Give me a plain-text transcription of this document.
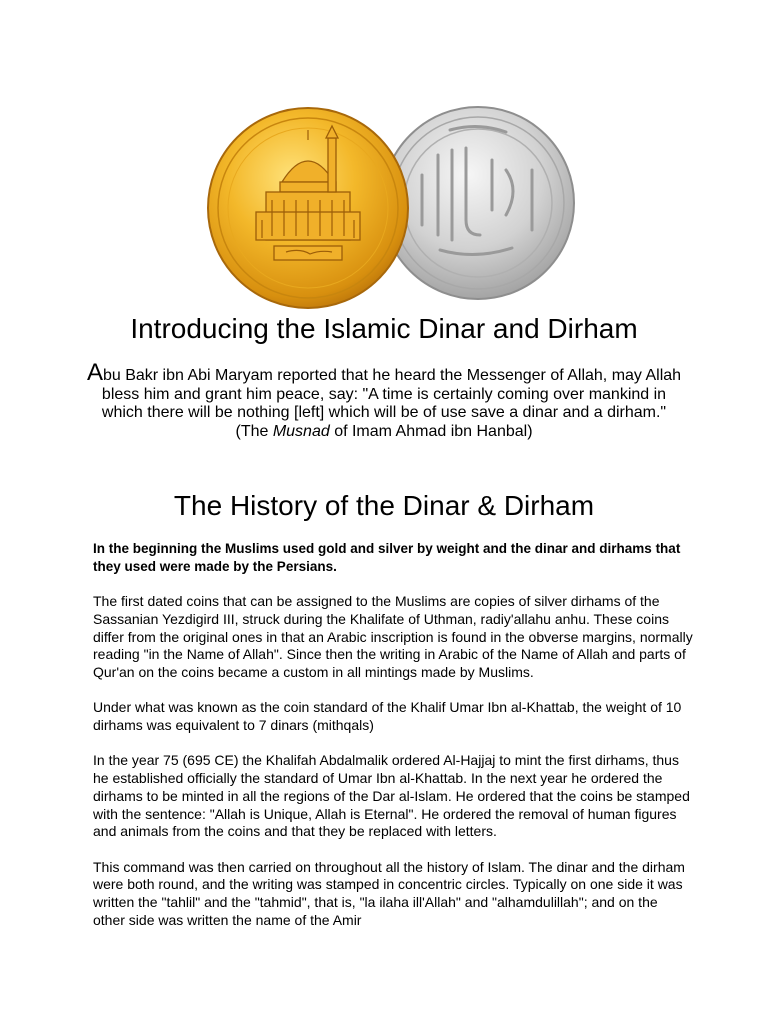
Introducing the Islamic Dinar and Dirham

Abu Bakr ibn Abi Maryam reported that he heard the Messenger of Allah, may Allah bless him and grant him peace, say: "A time is certainly coming over mankind in which there will be nothing [left] which will be of use save a dinar and a dirham."
(The Musnad of Imam Ahmad ibn Hanbal)

The History of the Dinar & Dirham

In the beginning the Muslims used gold and silver by weight and the dinar and dirhams that they used were made by the Persians.

The first dated coins that can be assigned to the Muslims are copies of silver dirhams of the Sassanian Yezdigird III, struck during the Khalifate of Uthman, radiy'allahu anhu. These coins differ from the original ones in that an Arabic inscription is found in the obverse margins, normally reading "in the Name of Allah". Since then the writing in Arabic of the Name of Allah and parts of Qur'an on the coins became a custom in all mintings made by Muslims.

Under what was known as the coin standard of the Khalif Umar Ibn al-Khattab, the weight of 10 dirhams was equivalent to 7 dinars (mithqals)

In the year 75 (695 CE) the Khalifah Abdalmalik ordered Al-Hajjaj to mint the first dirhams, thus he established officially the standard of Umar Ibn al-Khattab. In the next year he ordered the dirhams to be minted in all the regions of the Dar al-Islam. He ordered that the coins be stamped with the sentence: "Allah is Unique, Allah is Eternal". He ordered the removal of human figures and animals from the coins and that they be replaced with letters.

This command was then carried on throughout all the history of Islam. The dinar and the dirham were both round, and the writing was stamped in concentric circles. Typically on one side it was written the "tahlil" and the "tahmid", that is, "la ilaha ill'Allah" and "alhamdulillah"; and on the other side was written the name of the Amir
